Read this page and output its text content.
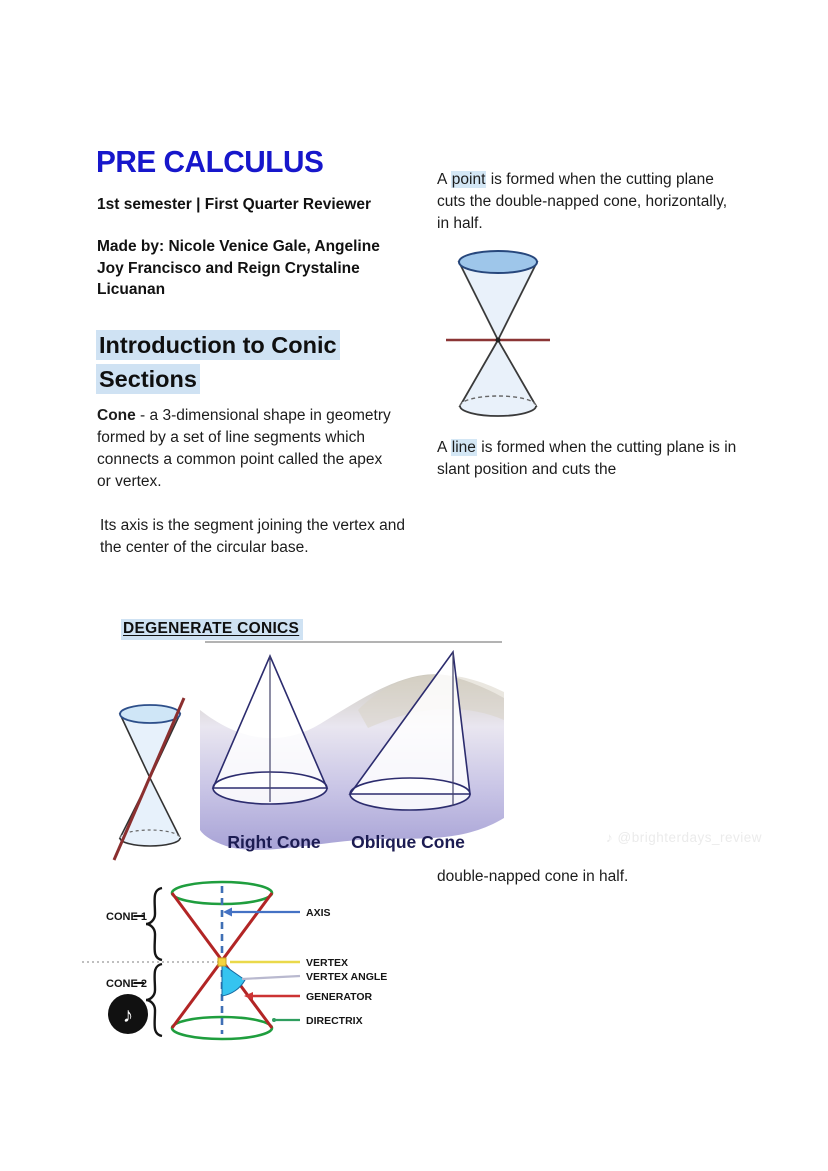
PRE CALCULUS
1st semester | First Quarter Reviewer
Made by: Nicole Venice Gale, Angeline Joy Francisco and Reign Crystaline Licuanan
Introduction to Conic Sections
Cone - a 3-dimensional shape in geometry formed by a set of line segments which connects a common point called the apex or vertex.
Its axis is the segment joining the vertex and the center of the circular base.
A point is formed when the cutting plane cuts the double-napped cone, horizontally, in half.
A line is formed when the cutting plane is in slant position and cuts the
DEGENERATE CONICS
Right Cone Oblique Cone	♪ @brighterdays_review
double-napped cone in half.
CONE 1
CONE 2
AXIS
VERTEX
VERTEX ANGLE
GENERATOR
DIRECTRIX
♪
